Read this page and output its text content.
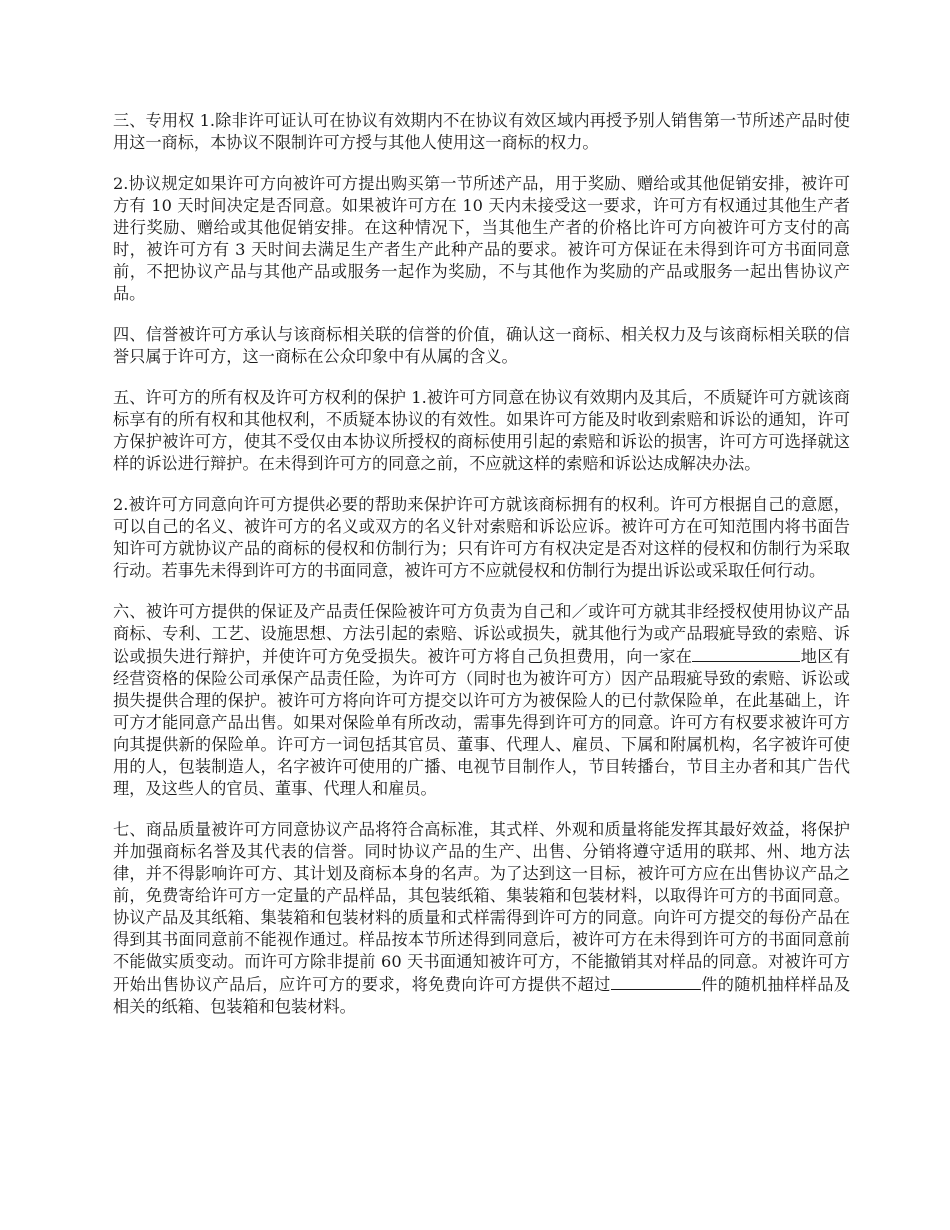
三、专用权 1.除非许可证认可在协议有效期内不在协议有效区域内再授予别人销售第一节所述产品时使用这一商标，本协议不限制许可方授与其他人使用这一商标的权力。

2.协议规定如果许可方向被许可方提出购买第一节所述产品，用于奖励、赠给或其他促销安排，被许可方有 10 天时间决定是否同意。如果被许可方在 10 天内未接受这一要求，许可方有权通过其他生产者进行奖励、赠给或其他促销安排。在这种情况下，当其他生产者的价格比许可方向被许可方支付的高时，被许可方有 3 天时间去满足生产者生产此种产品的要求。被许可方保证在未得到许可方书面同意前，不把协议产品与其他产品或服务一起作为奖励，不与其他作为奖励的产品或服务一起出售协议产品。

四、信誉被许可方承认与该商标相关联的信誉的价值，确认这一商标、相关权力及与该商标相关联的信誉只属于许可方，这一商标在公众印象中有从属的含义。

五、许可方的所有权及许可方权利的保护 1.被许可方同意在协议有效期内及其后，不质疑许可方就该商标享有的所有权和其他权利，不质疑本协议的有效性。如果许可方能及时收到索赔和诉讼的通知，许可方保护被许可方，使其不受仅由本协议所授权的商标使用引起的索赔和诉讼的损害，许可方可选择就这样的诉讼进行辩护。在未得到许可方的同意之前，不应就这样的索赔和诉讼达成解决办法。

2.被许可方同意向许可方提供必要的帮助来保护许可方就该商标拥有的权利。许可方根据自己的意愿，可以自己的名义、被许可方的名义或双方的名义针对索赔和诉讼应诉。被许可方在可知范围内将书面告知许可方就协议产品的商标的侵权和仿制行为；只有许可方有权决定是否对这样的侵权和仿制行为采取行动。若事先未得到许可方的书面同意，被许可方不应就侵权和仿制行为提出诉讼或采取任何行动。

六、被许可方提供的保证及产品责任保险被许可方负责为自己和／或许可方就其非经授权使用协议产品商标、专利、工艺、设施思想、方法引起的索赔、诉讼或损失，就其他行为或产品瑕疵导致的索赔、诉讼或损失进行辩护，并使许可方免受损失。被许可方将自己负担费用，向一家在	地区有经营资格的保险公司承保产品责任险，为许可方（同时也为被许可方）因产品瑕疵导致的索赔、诉讼或损失提供合理的保护。被许可方将向许可方提交以许可方为被保险人的已付款保险单，在此基础上，许可方才能同意产品出售。如果对保险单有所改动，需事先得到许可方的同意。许可方有权要求被许可方向其提供新的保险单。许可方一词包括其官员、董事、代理人、雇员、下属和附属机构，名字被许可使用的人，包装制造人，名字被许可使用的广播、电视节目制作人，节目转播台，节目主办者和其广告代理，及这些人的官员、董事、代理人和雇员。

七、商品质量被许可方同意协议产品将符合高标准，其式样、外观和质量将能发挥其最好效益，将保护并加强商标名誉及其代表的信誉。同时协议产品的生产、出售、分销将遵守适用的联邦、州、地方法律，并不得影响许可方、其计划及商标本身的名声。为了达到这一目标，被许可方应在出售协议产品之前，免费寄给许可方一定量的产品样品，其包装纸箱、集装箱和包装材料，以取得许可方的书面同意。协议产品及其纸箱、集装箱和包装材料的质量和式样需得到许可方的同意。向许可方提交的每份产品在得到其书面同意前不能视作通过。样品按本节所述得到同意后，被许可方在未得到许可方的书面同意前不能做实质变动。而许可方除非提前 60 天书面通知被许可方，不能撤销其对样品的同意。对被许可方开始出售协议产品后，应许可方的要求，将免费向许可方提供不超过	件的随机抽样样品及相关的纸箱、包装箱和包装材料。
